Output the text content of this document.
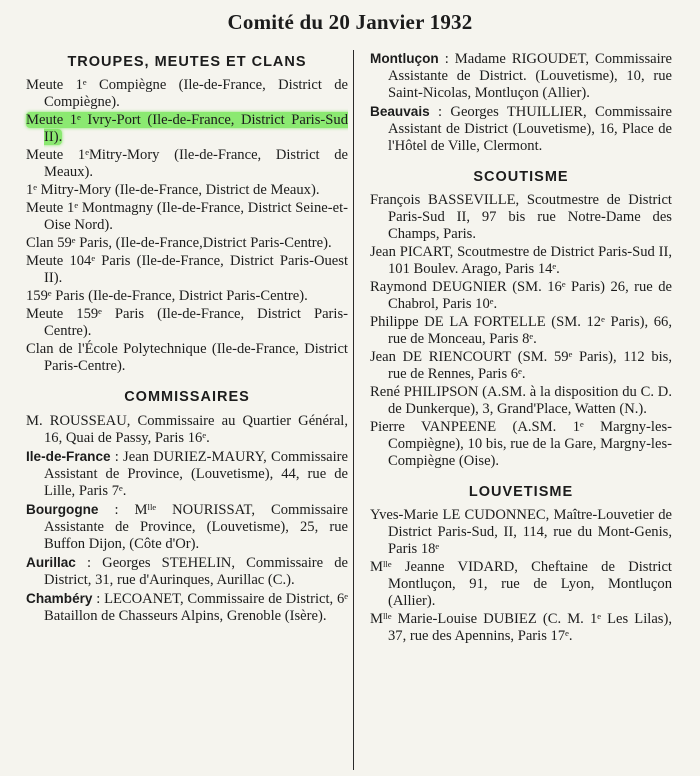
Comité du 20 Janvier 1932
TROUPES, MEUTES ET CLANS
Meute 1ᵉ Compiègne (Ile-de-France, District de Compiègne).
Meute 1ᵉ Ivry-Port (Ile-de-France, District Paris-Sud II).
Meute 1ᵉMitry-Mory (Ile-de-France, District de Meaux).
1ᵉ Mitry-Mory (Ile-de-France, District de Meaux).
Meute 1ᵉ Montmagny (Ile-de-France, District Seine-et-Oise Nord).
Clan 59ᵉ Paris, (Ile-de-France,District Paris-Centre).
Meute 104ᵉ Paris (Ile-de-France, District Paris-Ouest II).
159ᵉ Paris (Ile-de-France, District Paris-Centre).
Meute 159ᵉ Paris (Ile-de-France, District Paris-Centre).
Clan de l'École Polytechnique (Ile-de-France, District Paris-Centre).
COMMISSAIRES
M. ROUSSEAU, Commissaire au Quartier Général, 16, Quai de Passy, Paris 16ᵉ.
Ile-de-France : Jean DURIEZ-MAURY, Commissaire Assistant de Province, (Louvetisme), 44, rue de Lille, Paris 7ᵉ.
Bourgogne : Mˡˡᵉ NOURISSAT, Commissaire Assistante de Province, (Louvetisme), 25, rue Buffon Dijon, (Côte d'Or).
Aurillac : Georges STEHELIN, Commissaire de District, 31, rue d'Aurinques, Aurillac (C.).
Chambéry : LECOANET, Commissaire de District, 6ᵉ Bataillon de Chasseurs Alpins, Grenoble (Isère).
Montluçon : Madame RIGOUDET, Commissaire Assistante de District. (Louvetisme), 10, rue Saint-Nicolas, Montluçon (Allier).
Beauvais : Georges THUILLIER, Commissaire Assistant de District (Louvetisme), 16, Place de l'Hôtel de Ville, Clermont.
SCOUTISME
François BASSEVILLE, Scoutmestre de District Paris-Sud II, 97 bis rue Notre-Dame des Champs, Paris.
Jean PICART, Scoutmestre de District Paris-Sud II, 101 Boulev. Arago, Paris 14ᵉ.
Raymond DEUGNIER (SM. 16ᵉ Paris) 26, rue de Chabrol, Paris 10ᵉ.
Philippe DE LA FORTELLE (SM. 12ᵉ Paris), 66, rue de Monceau, Paris 8ᵉ.
Jean DE RIENCOURT (SM. 59ᵉ Paris), 112 bis, rue de Rennes, Paris 6ᵉ.
René PHILIPSON (A.SM. à la disposition du C. D. de Dunkerque), 3, Grand'Place, Watten (N.).
Pierre VANPEENE (A.SM. 1ᵉ Margny-les-Compiègne), 10 bis, rue de la Gare, Margny-les-Compiègne (Oise).
LOUVETISME
Yves-Marie LE CUDONNEC, Maître-Louvetier de District Paris-Sud, II, 114, rue du Mont-Genis, Paris 18ᵉ
Mˡˡᵉ Jeanne VIDARD, Cheftaine de District Montluçon, 91, rue de Lyon, Montluçon (Allier).
Mˡˡᵉ Marie-Louise DUBIEZ (C. M. 1ᵉ Les Lilas), 37, rue des Apennins, Paris 17ᵉ.
